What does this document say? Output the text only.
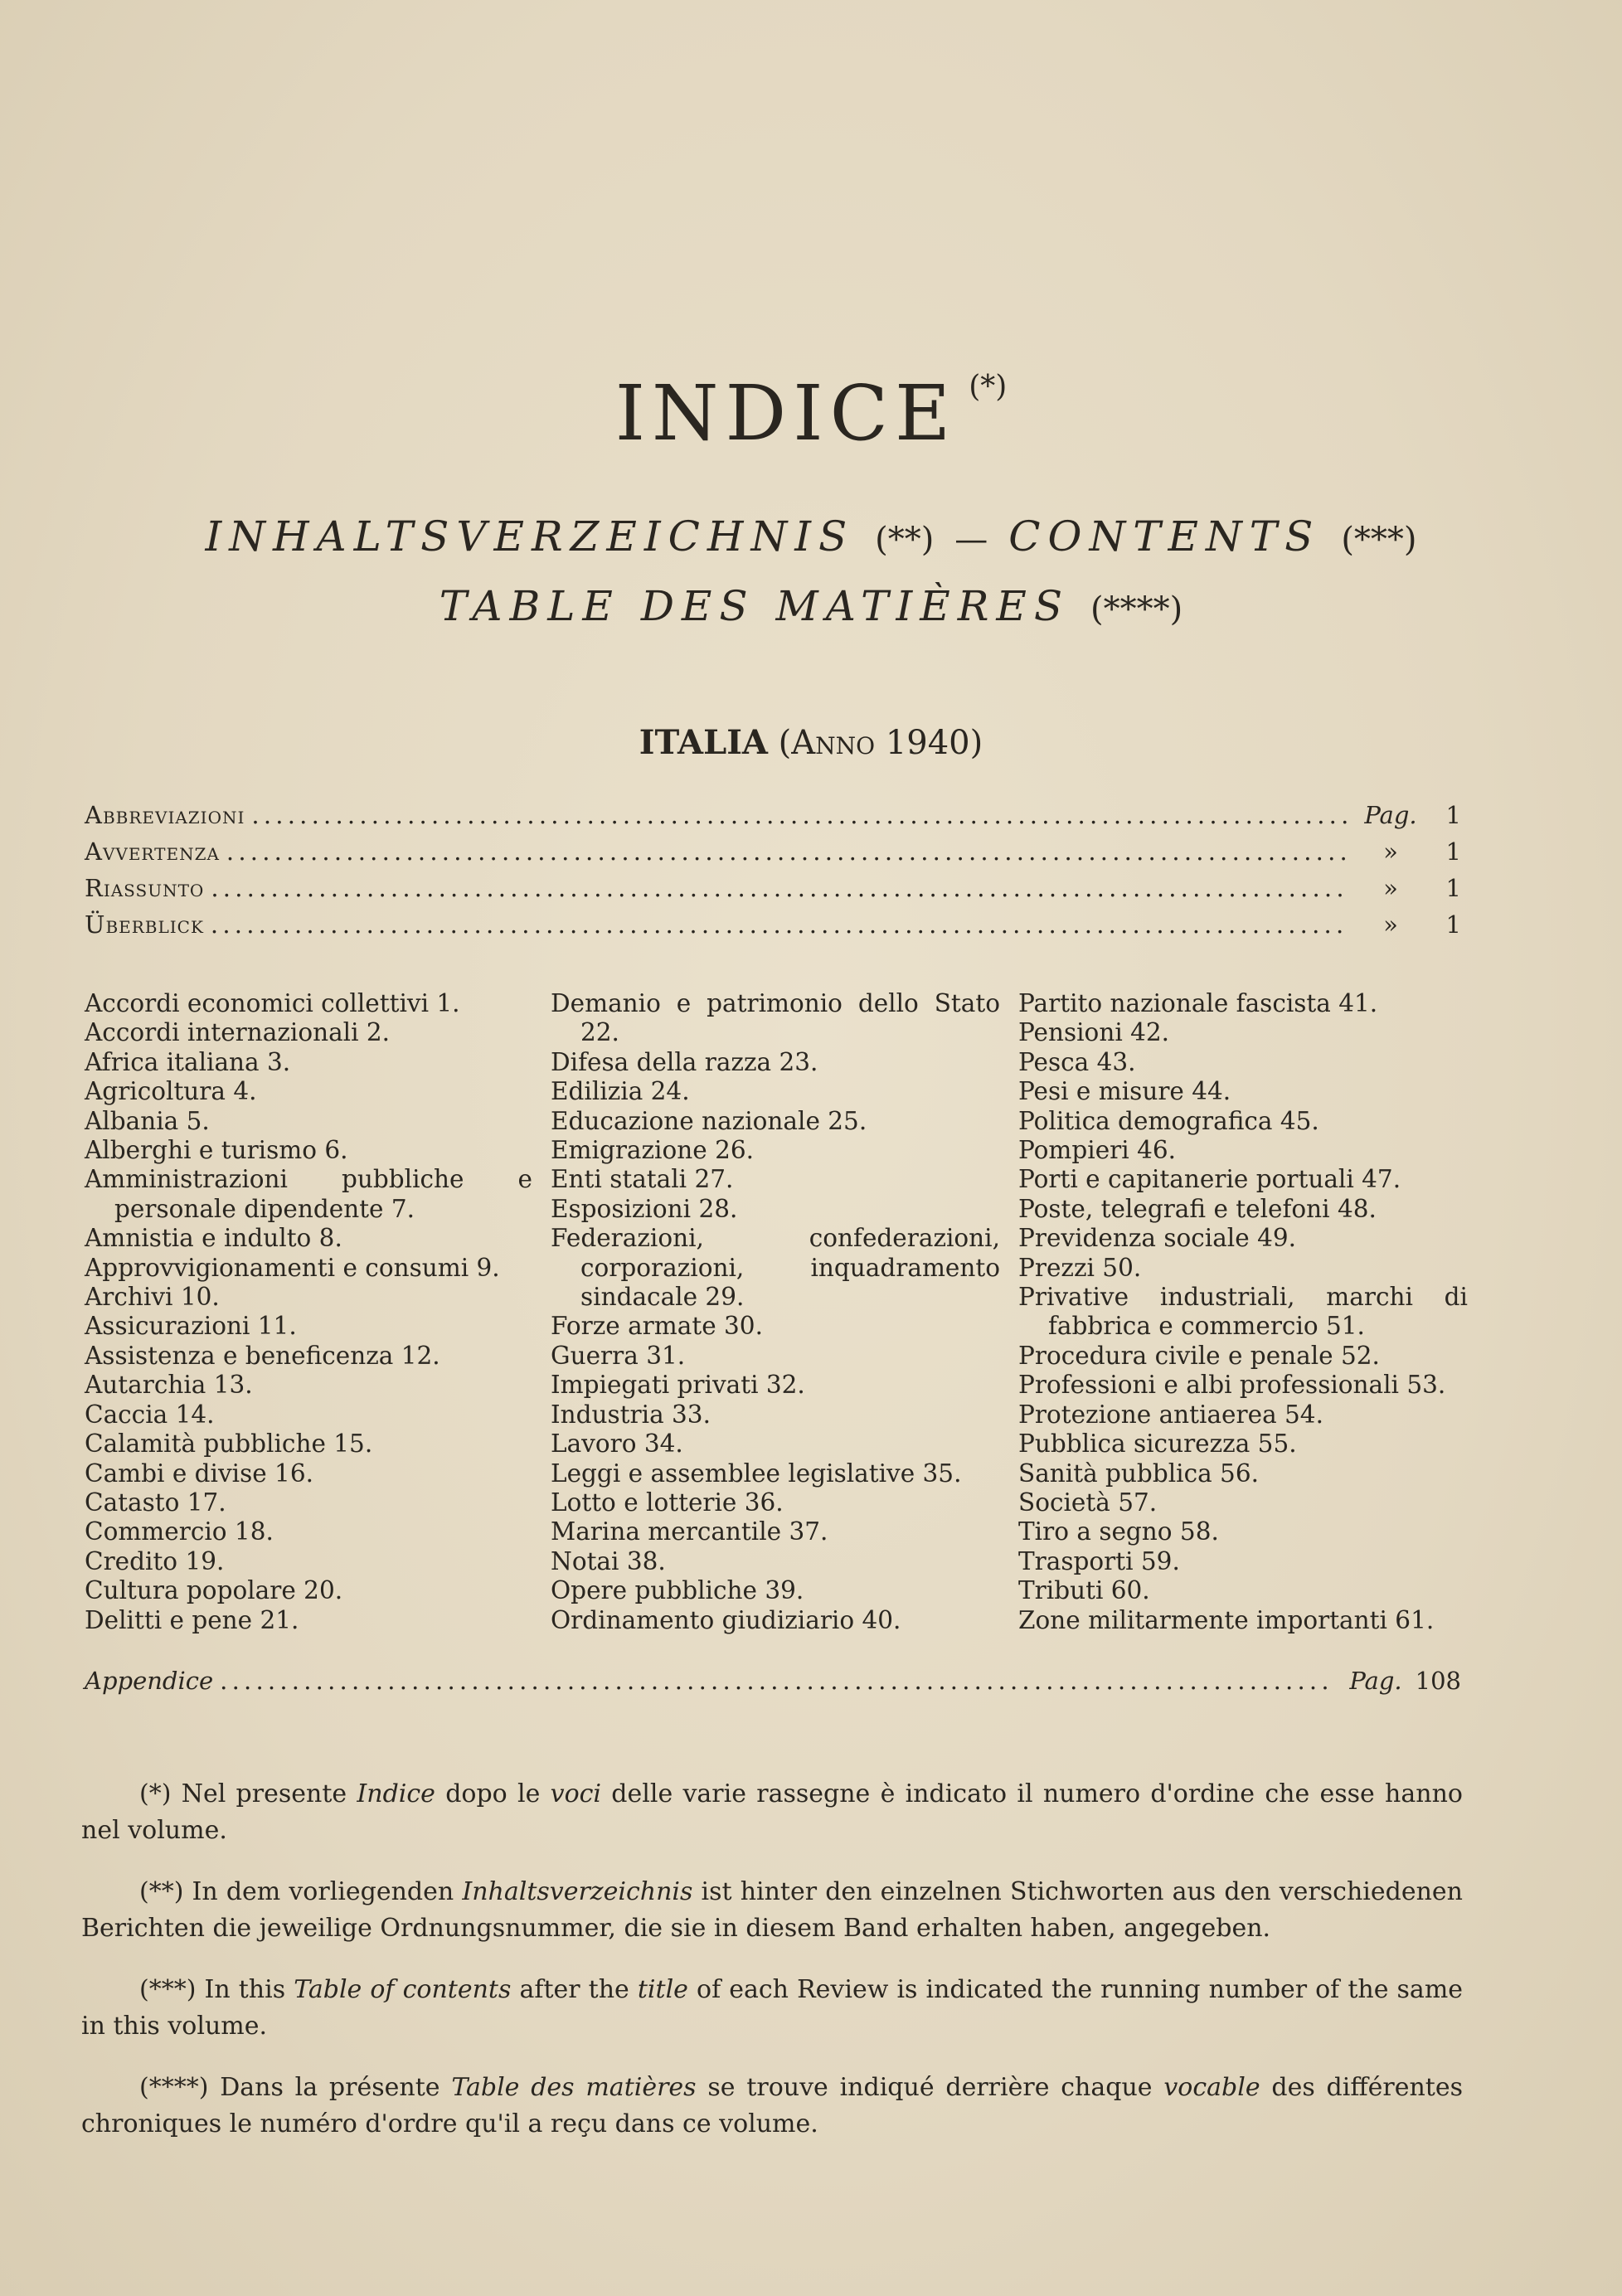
INDICE (*)
INHALTSVERZEICHNIS (**) — CONTENTS (***)
TABLE DES MATIÈRES (****)
ITALIA (Anno 1940)
Abbreviazioni . . .	Pag.	1
Avvertenza . . .	»	1
Riassunto . . .	»	1
Überblick . . .	»	1
Accordi economici collettivi 1.
Accordi internazionali 2.
Africa italiana 3.
Agricoltura 4.
Albania 5.
Alberghi e turismo 6.
Amministrazioni pubbliche e personale dipendente 7.
Amnistia e indulto 8.
Approvvigionamenti e consumi 9.
Archivi 10.
Assicurazioni 11.
Assistenza e beneficenza 12.
Autarchia 13.
Caccia 14.
Calamità pubbliche 15.
Cambi e divise 16.
Catasto 17.
Commercio 18.
Credito 19.
Cultura popolare 20.
Delitti e pene 21.
Demanio e patrimonio dello Stato 22.
Difesa della razza 23.
Edilizia 24.
Educazione nazionale 25.
Emigrazione 26.
Enti statali 27.
Esposizioni 28.
Federazioni, confederazioni, corporazioni, inquadramento sindacale 29.
Forze armate 30.
Guerra 31.
Impiegati privati 32.
Industria 33.
Lavoro 34.
Leggi e assemblee legislative 35.
Lotto e lotterie 36.
Marina mercantile 37.
Notai 38.
Opere pubbliche 39.
Ordinamento giudiziario 40.
Partito nazionale fascista 41.
Pensioni 42.
Pesca 43.
Pesi e misure 44.
Politica demografica 45.
Pompieri 46.
Porti e capitanerie portuali 47.
Poste, telegrafi e telefoni 48.
Previdenza sociale 49.
Prezzi 50.
Privative industriali, marchi di fabbrica e commercio 51.
Procedura civile e penale 52.
Professioni e albi professionali 53.
Protezione antiaerea 54.
Pubblica sicurezza 55.
Sanità pubblica 56.
Società 57.
Tiro a segno 58.
Trasporti 59.
Tributi 60.
Zone militarmente importanti 61.
Appendice . . .	Pag. 108

(*) Nel presente Indice dopo le voci delle varie rassegne è indicato il numero d'ordine che esse hanno nel volume.

(**) In dem vorliegenden Inhaltsverzeichnis ist hinter den einzelnen Stichworten aus den verschiedenen Berichten die jeweilige Ordnungsnummer, die sie in diesem Band erhalten haben, angegeben.

(***) In this Table of contents after the title of each Review is indicated the running number of the same in this volume.

(****) Dans la présente Table des matières se trouve indiqué derrière chaque vocable des différentes chroniques le numéro d'ordre qu'il a reçu dans ce volume.
